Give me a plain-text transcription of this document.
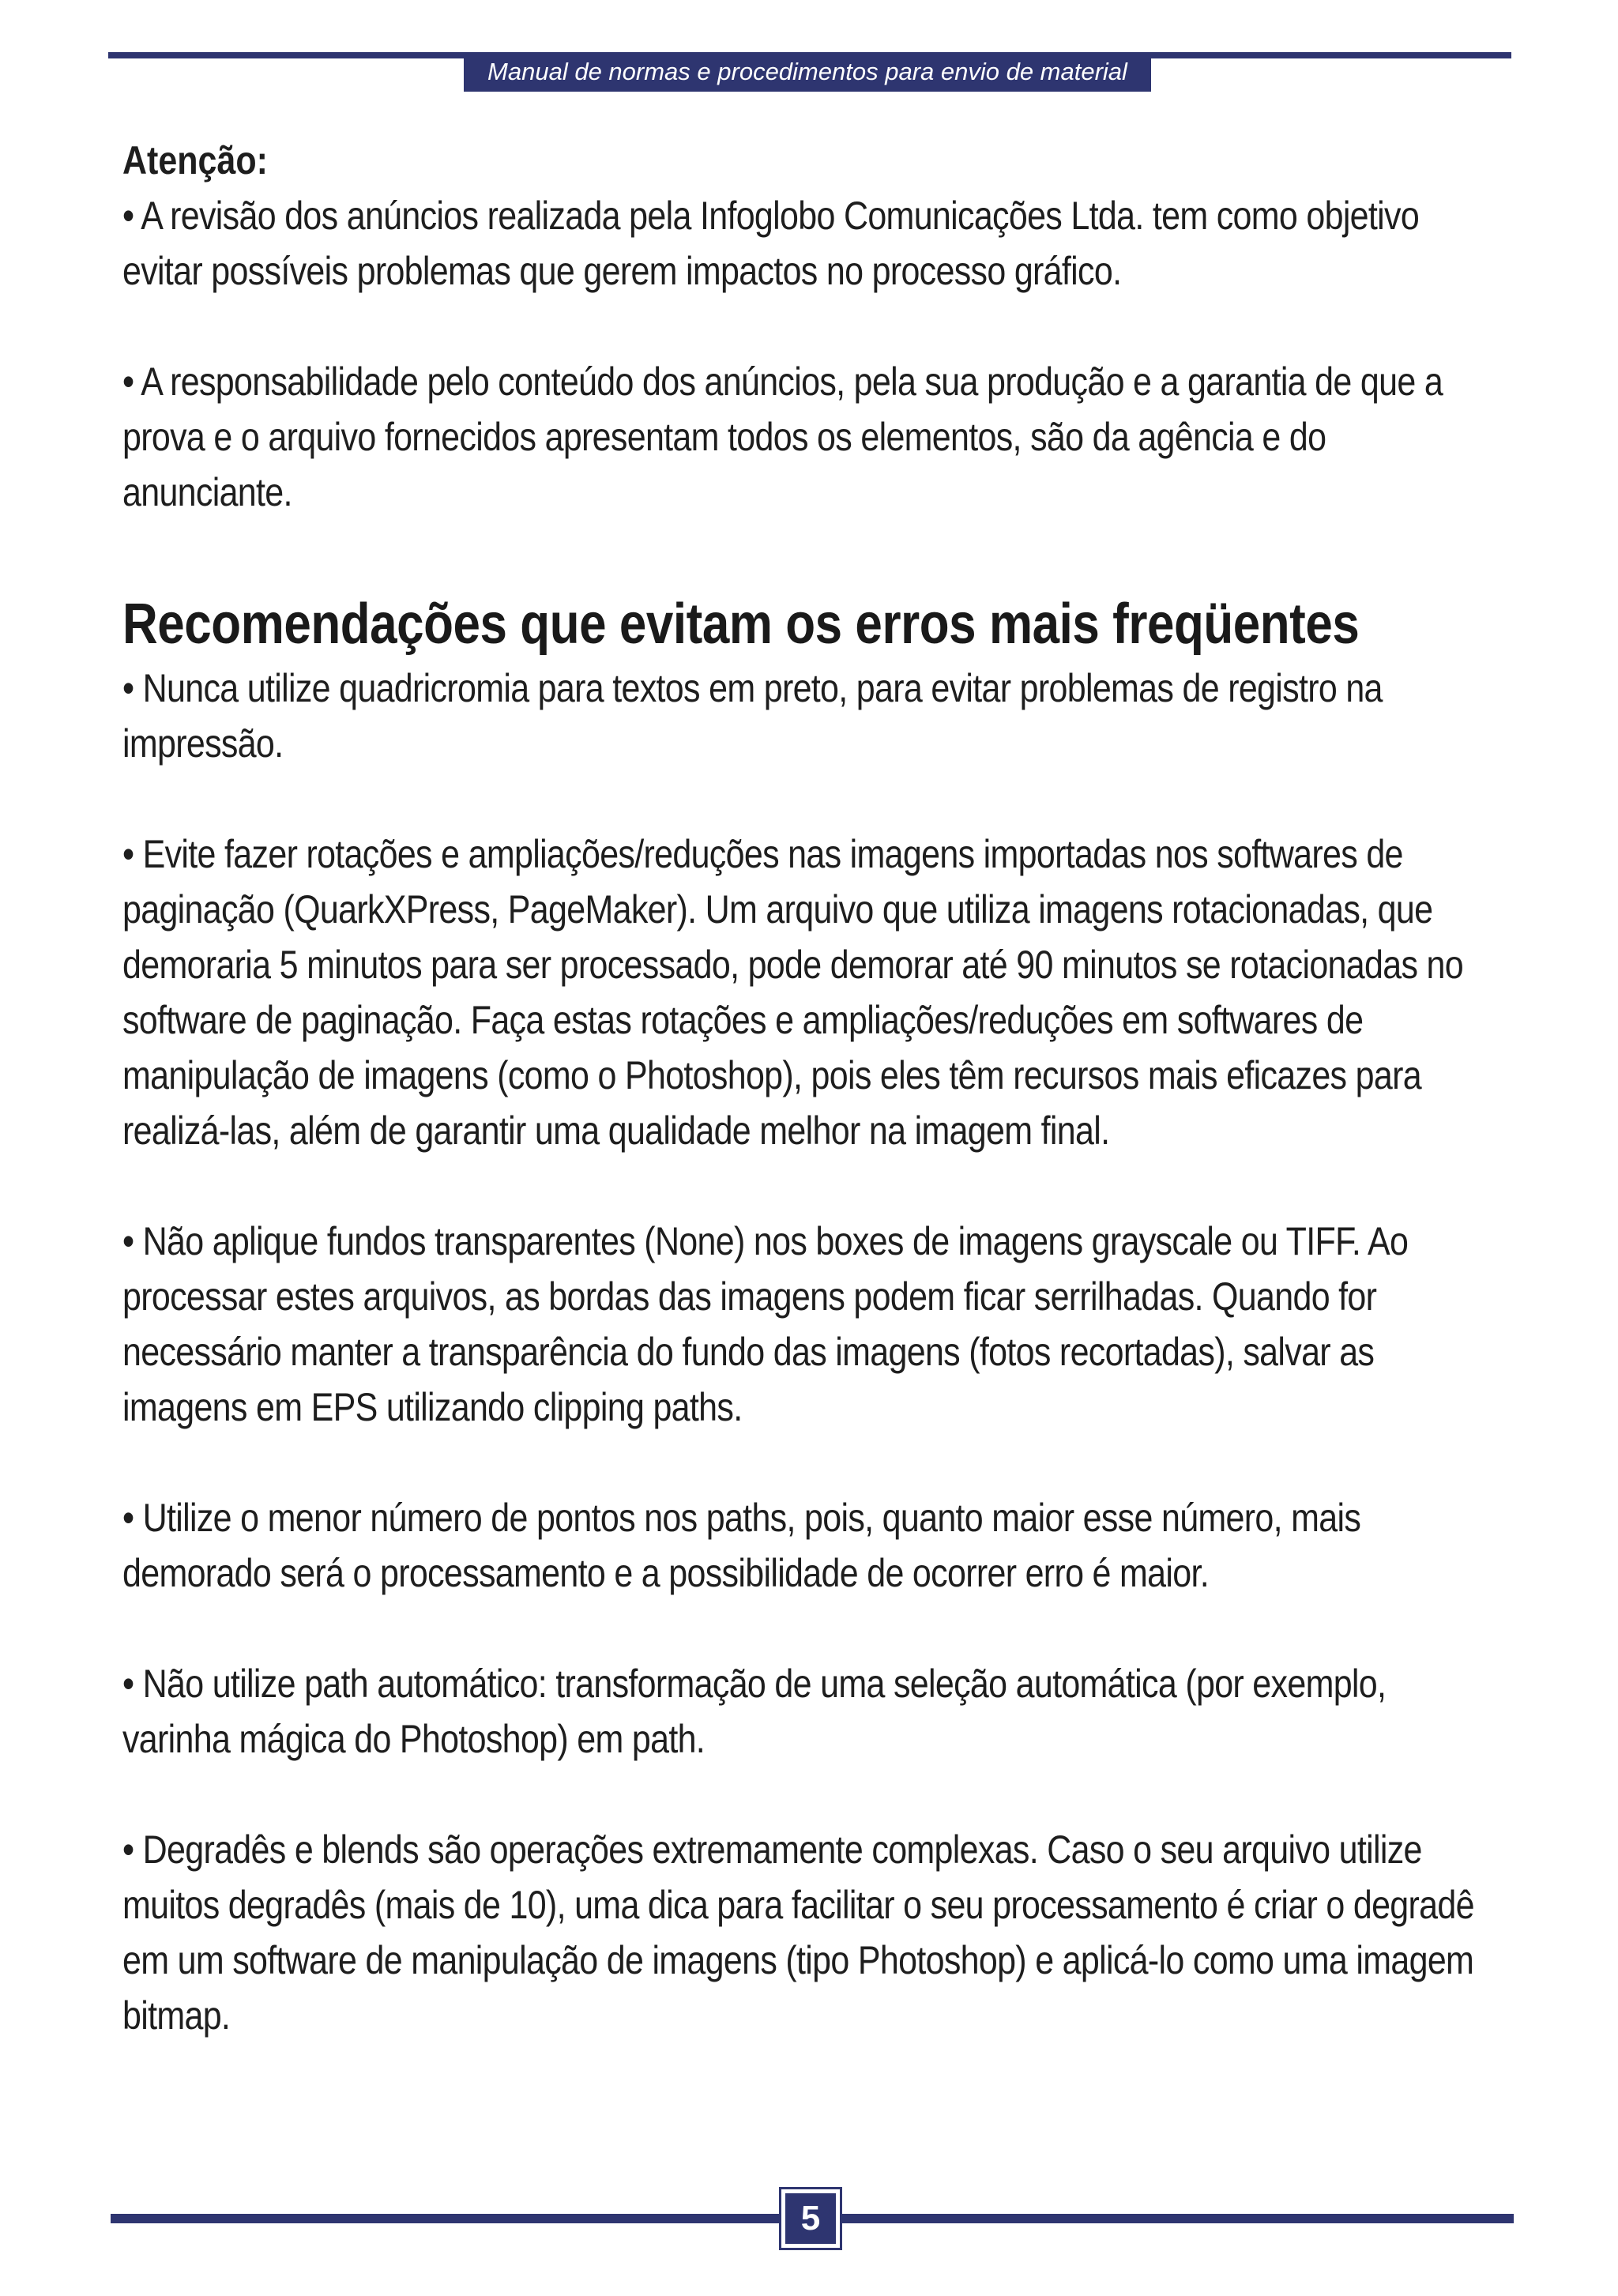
Manual de normas e procedimentos para envio de material

Atenção:

• A revisão dos anúncios realizada pela Infoglobo Comunicações Ltda. tem como objetivo evitar possíveis problemas que gerem impactos no processo gráfico.

• A responsabilidade pelo conteúdo dos anúncios, pela sua produção e a garantia de que a prova e o arquivo fornecidos apresentam todos os elementos, são da agência e do anunciante.

Recomendações que evitam os erros mais freqüentes

• Nunca utilize quadricromia para textos em preto, para evitar problemas de registro na impressão.

• Evite fazer rotações e ampliações/reduções nas imagens importadas nos softwares de paginação (QuarkXPress, PageMaker). Um arquivo que utiliza imagens rotacionadas, que demoraria 5 minutos para ser processado, pode demorar até 90 minutos se rotacionadas no software de paginação. Faça estas rotações e ampliações/reduções em softwares de manipulação de imagens (como o Photoshop), pois eles têm recursos mais eficazes para realizá-las, além de garantir uma qualidade melhor na imagem final.

• Não aplique fundos transparentes (None) nos boxes de imagens grayscale ou TIFF. Ao processar estes arquivos, as bordas das imagens podem ficar serrilhadas. Quando for necessário manter a transparência do fundo das imagens (fotos recortadas), salvar as imagens em EPS utilizando clipping paths.

• Utilize o menor número de pontos nos paths, pois, quanto maior esse número, mais demorado será o processamento e a possibilidade de ocorrer erro é maior.

• Não utilize path automático: transformação de uma seleção automática (por exemplo, varinha mágica do Photoshop) em path.

• Degradês e blends são operações extremamente complexas. Caso o seu arquivo utilize muitos degradês (mais de 10), uma dica para facilitar o seu processamento é criar o degradê em um software de manipulação de imagens (tipo Photoshop) e aplicá-lo como uma imagem bitmap.

5
